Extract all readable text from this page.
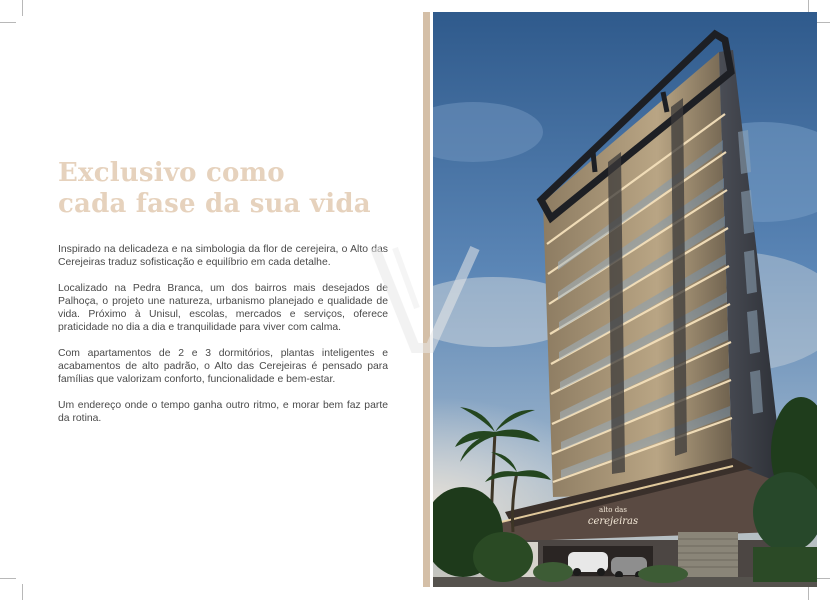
Exclusivo como
cada fase da sua vida

Inspirado na delicadeza e na simbologia da flor de cerejeira, o Alto das Cerejeiras traduz sofisticação e equilíbrio em cada detalhe.

Localizado na Pedra Branca, um dos bairros mais desejados de Palhoça, o projeto une natureza, urbanismo planejado e qualidade de vida. Próximo à Unisul, escolas, mercados e serviços, oferece praticidade no dia a dia e tranquilidade para viver com calma.

Com apartamentos de 2 e 3 dormitórios, plantas inteligentes e acabamentos de alto padrão, o Alto das Cerejeiras é pensado para famílias que valorizam conforto, funcionalidade e bem-estar.

Um endereço onde o tempo ganha outro ritmo, e morar bem faz parte da rotina.

alto das
cerejeiras
